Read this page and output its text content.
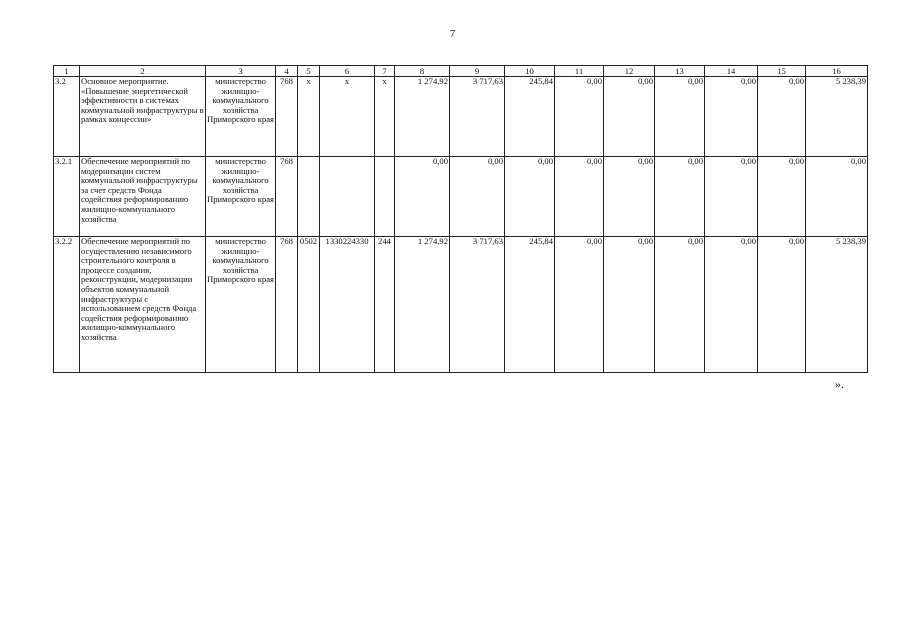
7
1	2	3	4	5	6	7	8	9	10	11	12	13	14	15	16
3.2	Основное мероприятие. «Повышение энергетической эффективности в системах коммунальной инфраструктуры в рамках концессии»	министерство жилищно-коммунального хозяйства Приморского края	768	х	х	х	1 274,92	3 717,63	245,84	0,00	0,00	0,00	0,00	0,00	5 238,39
3.2.1	Обеспечение мероприятий по модернизации систем коммунальной инфраструктуры за счет средств Фонда содействия реформированию жилищно-коммунального хозяйства	министерство жилищно-коммунального хозяйства Приморского края	768				0,00	0,00	0,00	0,00	0,00	0,00	0,00	0,00	0,00
3.2.2	Обеспечение мероприятий по осуществлению независимого строительного контроля в процессе создания, реконструкции, модернизации объектов коммунальной инфраструктуры с использованием средств Фонда содействия реформированию жилищно-коммунального хозяйства	министерство жилищно-коммунального хозяйства Приморского края	768	0502	1330224330	244	1 274,92	3 717,63	245,84	0,00	0,00	0,00	0,00	0,00	5 238,39
».
